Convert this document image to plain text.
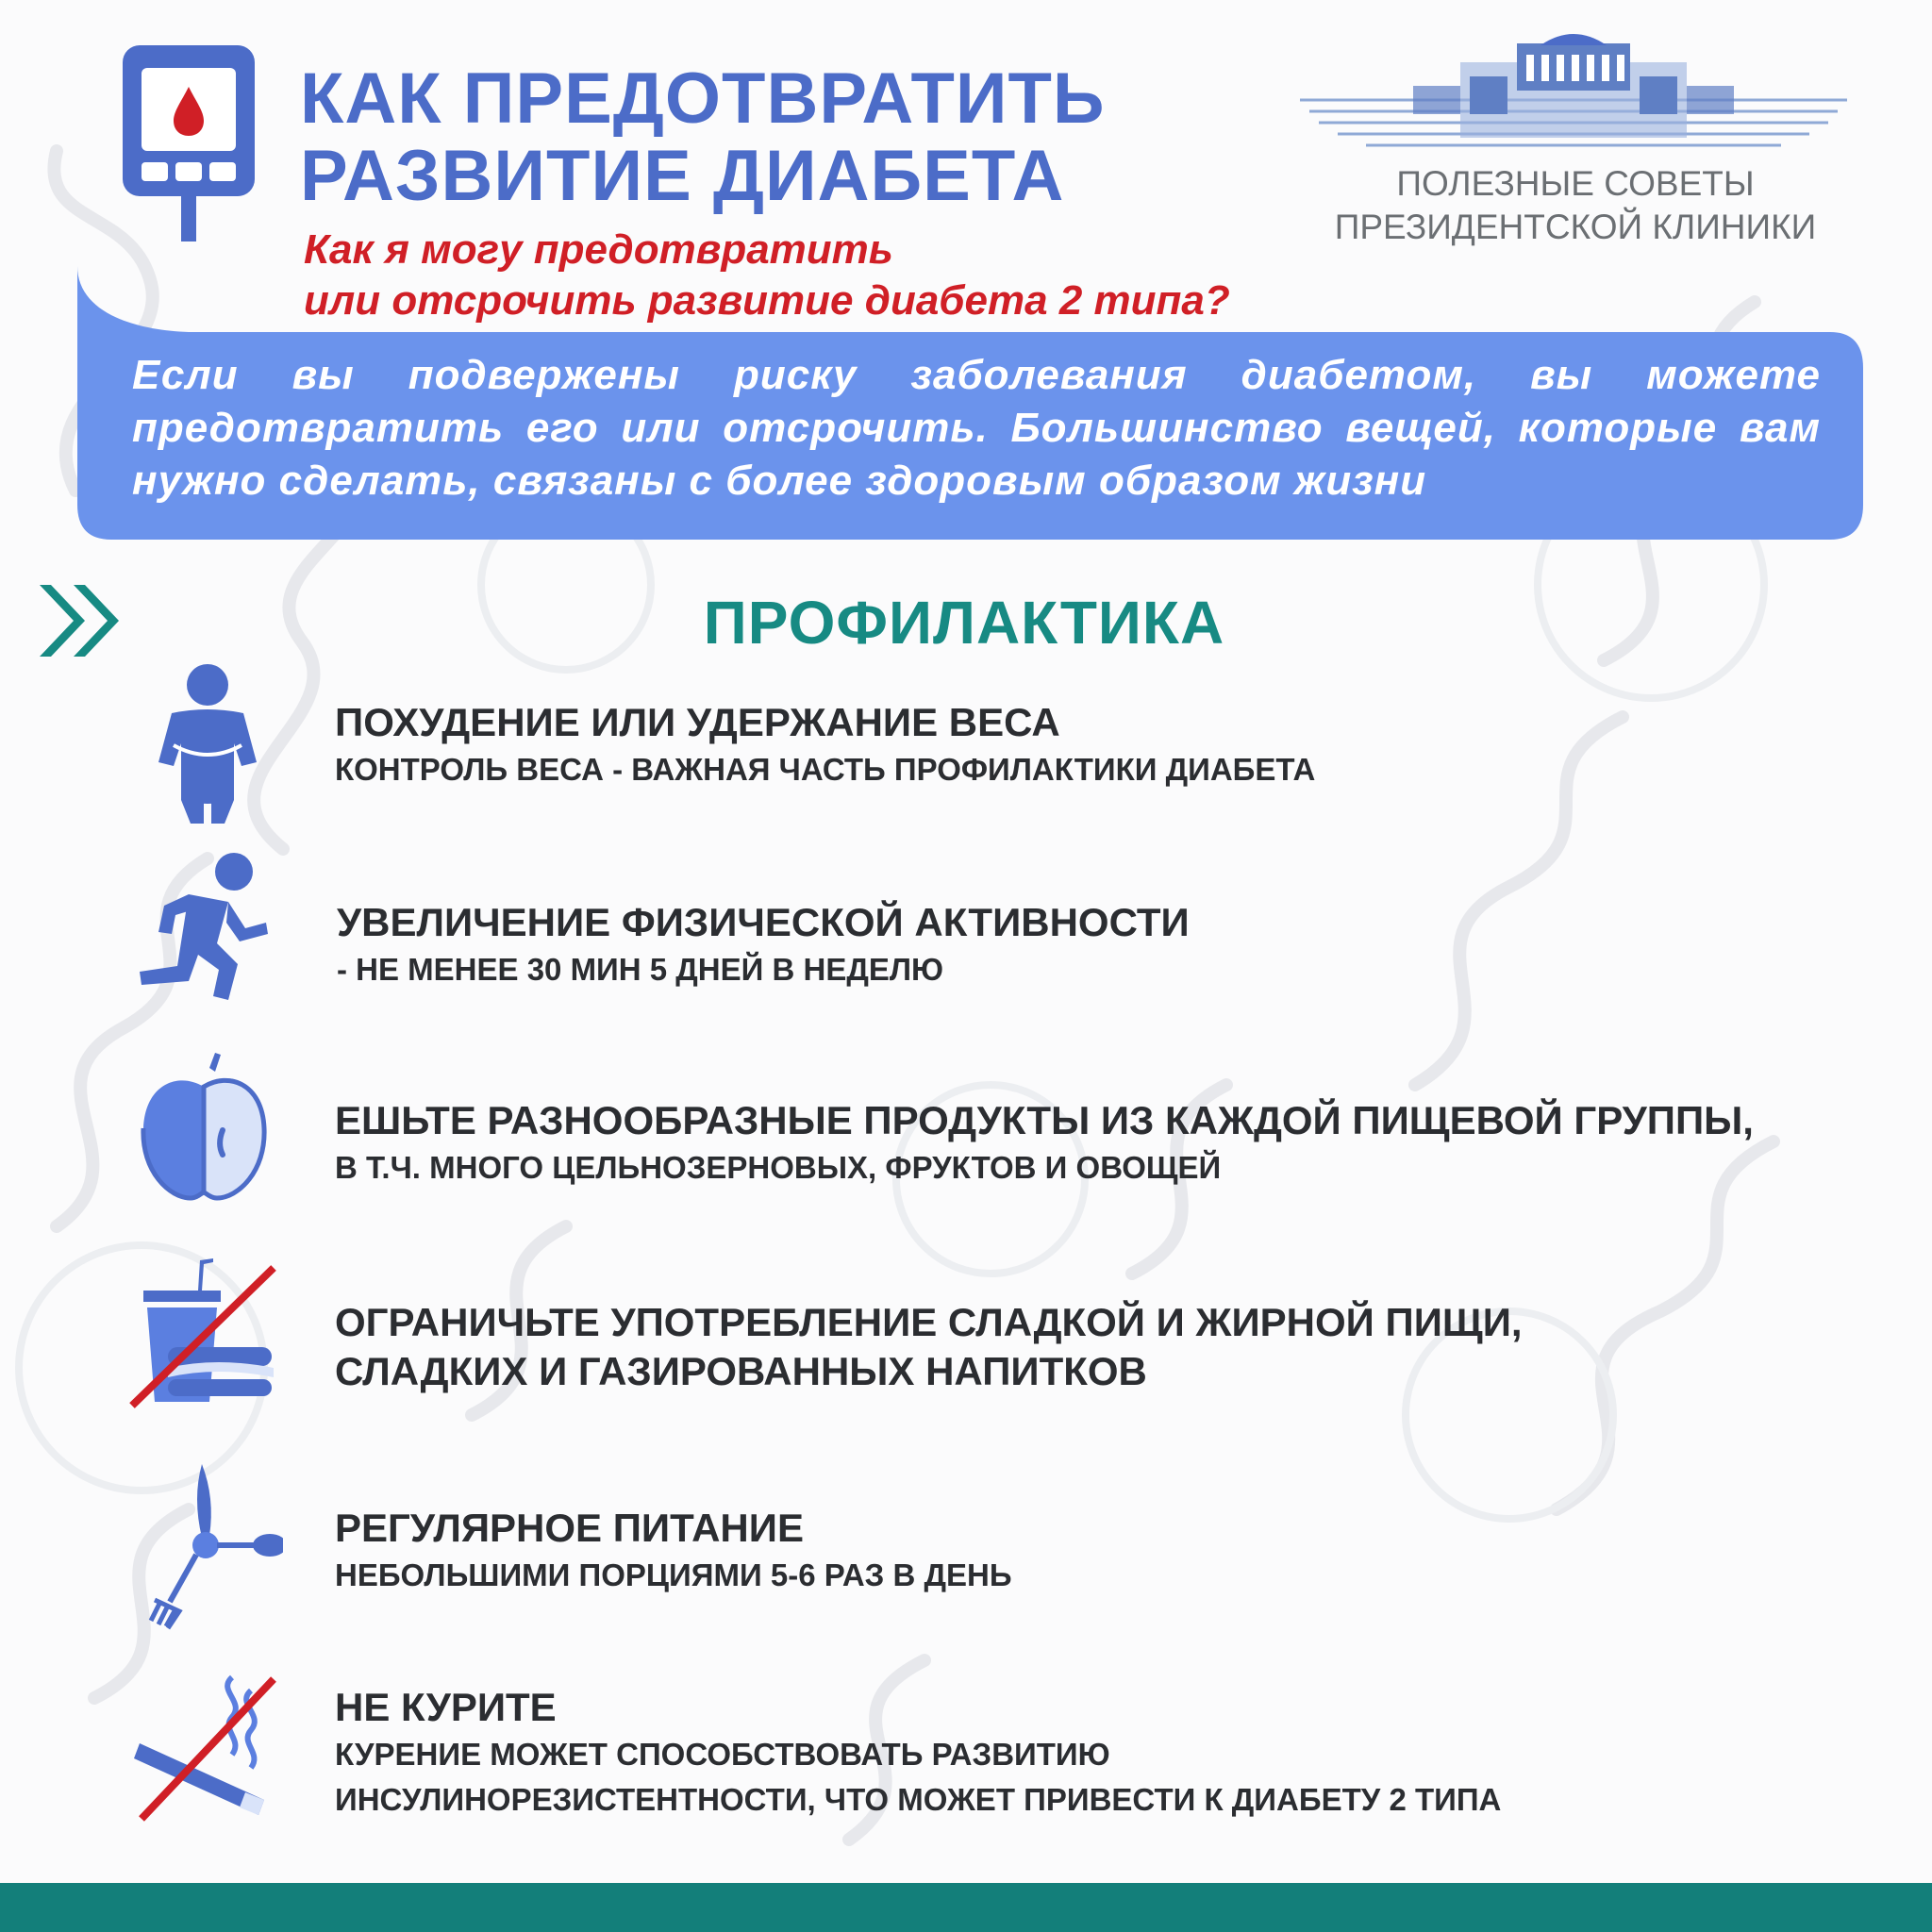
КАК ПРЕДОТВРАТИТЬ
РАЗВИТИЕ ДИАБЕТА	ПОЛЕЗНЫЕ СОВЕТЫ
ПРЕЗИДЕНТСКОЙ КЛИНИКИ
Как я могу предотвратить
или отсрочить развитие диабета 2 типа?

Если вы подвержены риску заболевания диабетом, вы можете предотвратить его или отсрочить. Большинство вещей, которые вам нужно сделать, связаны с более здоровым образом жизни

ПРОФИЛАКТИКА

ПОХУДЕНИЕ ИЛИ УДЕРЖАНИЕ ВЕСА

КОНТРОЛЬ ВЕСА - ВАЖНАЯ ЧАСТЬ ПРОФИЛАКТИКИ ДИАБЕТА

УВЕЛИЧЕНИЕ ФИЗИЧЕСКОЙ АКТИВНОСТИ

- НЕ МЕНЕЕ 30 МИН 5 ДНЕЙ В НЕДЕЛЮ

ЕШЬТЕ РАЗНООБРАЗНЫЕ ПРОДУКТЫ ИЗ КАЖДОЙ ПИЩЕВОЙ ГРУППЫ,

В Т.Ч. МНОГО ЦЕЛЬНОЗЕРНОВЫХ, ФРУКТОВ И ОВОЩЕЙ

ОГРАНИЧЬТЕ УПОТРЕБЛЕНИЕ СЛАДКОЙ И ЖИРНОЙ ПИЩИ,

СЛАДКИХ И ГАЗИРОВАННЫХ НАПИТКОВ

РЕГУЛЯРНОЕ ПИТАНИЕ

НЕБОЛЬШИМИ ПОРЦИЯМИ 5-6 РАЗ В ДЕНЬ

НЕ КУРИТЕ

КУРЕНИЕ МОЖЕТ СПОСОБСТВОВАТЬ РАЗВИТИЮ

ИНСУЛИНОРЕЗИСТЕНТНОСТИ, ЧТО МОЖЕТ ПРИВЕСТИ К ДИАБЕТУ 2 ТИПА
